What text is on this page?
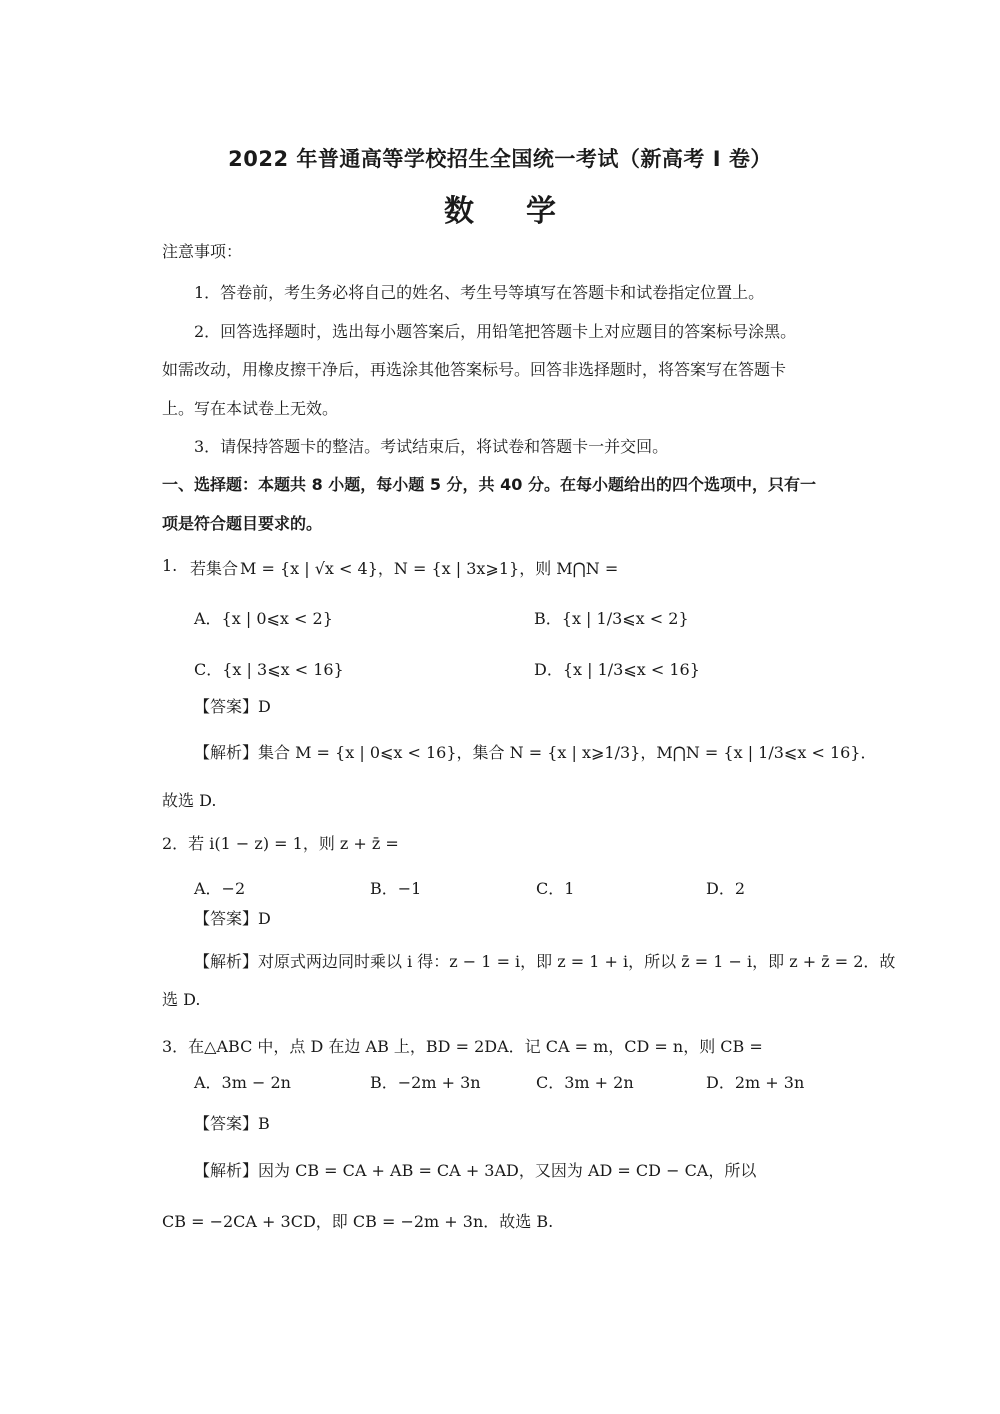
2022 年普通高等学校招生全国统一考试（新高考 I 卷）
数学
注意事项：
1．答卷前，考生务必将自己的姓名、考生号等填写在答题卡和试卷指定位置上。
2．回答选择题时，选出每小题答案后，用铅笔把答题卡上对应题目的答案标号涂黑。
如需改动，用橡皮擦干净后，再选涂其他答案标号。回答非选择题时，将答案写在答题卡
上。写在本试卷上无效。
3．请保持答题卡的整洁。考试结束后，将试卷和答题卡一并交回。
一、选择题：本题共 8 小题，每小题 5 分，共 40 分。在每小题给出的四个选项中，只有一
项是符合题目要求的。
1. 若集合 M = {x | √x < 4}，N = {x | 3x⩾1}，则 M⋂N =
A．{x | 0⩽x < 2}	B．{x | 1/3⩽x < 2}
C．{x | 3⩽x < 16}	D．{x | 1/3⩽x < 16}
【答案】D
【解析】集合 M = {x | 0⩽x < 16}，集合 N = {x | x⩾1/3}，M⋂N = {x | 1/3⩽x < 16}．
故选 D.
2．若 i(1 − z) = 1，则 z + z̄ =
A．−2	B．−1	C．1	D．2
【答案】D
【解析】对原式两边同时乘以 i 得：z − 1 = i，即 z = 1 + i，所以 z̄ = 1 − i，即 z + z̄ = 2．故
选 D.
3．在△ABC 中，点 D 在边 AB 上，BD = 2DA．记 CA = m，CD = n，则 CB =
A．3m − 2n	B．−2m + 3n	C．3m + 2n	D．2m + 3n
【答案】B
【解析】因为 CB = CA + AB = CA + 3AD，又因为 AD = CD − CA，所以
CB = −2CA + 3CD，即 CB = −2m + 3n．故选 B.
